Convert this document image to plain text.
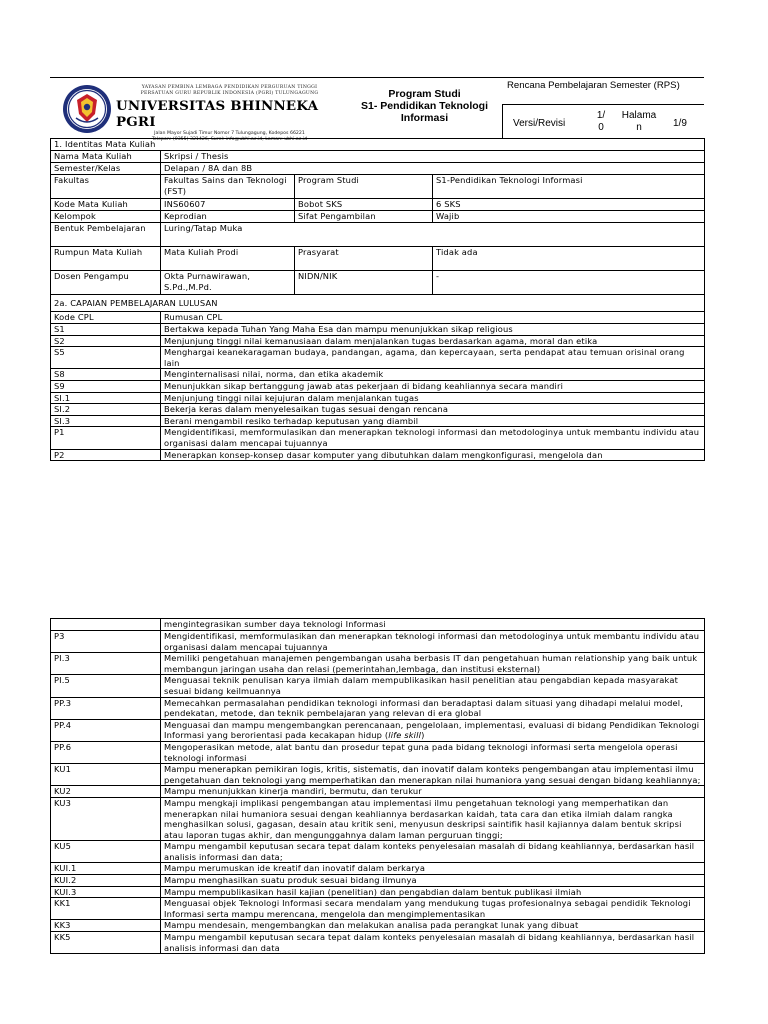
YAYASAN PEMBINA LEMBAGA PENDIDIKAN PERGURUAN TINGGI
PERSATUAN GURU REPUBLIK INDONESIA (PGRI) TULUNGAGUNG
UNIVERSITAS BHINNEKA PGRI
Jalan Mayor Sujadi Timur Nomor 7 Tulungagung, Kodepos 66221
Telepon: (0355) 321426, Surel: info@ubhi.ac.id, Laman: ubhi.ac.id
Program Studi
S1- Pendidikan Teknologi
Informasi
Rencana Pembelajaran Semester (RPS)
Versi/Revisi
1/
0
Halama
n	1/9
1. Identitas Mata Kuliah			
Nama Mata Kuliah	Skripsi / Thesis		
Semester/Kelas	Delapan / 8A dan 8B		
Fakultas	Fakultas Sains dan Teknologi (FST)	Program Studi	S1-Pendidikan Teknologi Informasi
Kode Mata Kuliah	INS60607	Bobot SKS	6 SKS
Kelompok	Keprodian	Sifat Pengambilan	Wajib
Bentuk Pembelajaran	Luring/Tatap Muka		
Rumpun Mata Kuliah	Mata Kuliah Prodi	Prasyarat	Tidak ada
Dosen Pengampu	Okta Purnawirawan, S.Pd.,M.Pd.	NIDN/NIK	-
2a. CAPAIAN PEMBELAJARAN LULUSAN			
Kode CPL	Rumusan CPL		
S1	Bertakwa kepada Tuhan Yang Maha Esa dan mampu menunjukkan sikap religious		
S2	Menjunjung tinggi nilai kemanusiaan dalam menjalankan tugas berdasarkan agama, moral dan etika		
S5	Menghargai keanekaragaman budaya, pandangan, agama, dan kepercayaan, serta pendapat atau temuan orisinal orang lain		
S8	Menginternalisasi nilai, norma, dan etika akademik		
S9	Menunjukkan sikap bertanggung jawab atas pekerjaan di bidang keahliannya secara mandiri		
SI.1	Menjunjung tinggi nilai kejujuran dalam menjalankan tugas		
SI.2	Bekerja keras dalam menyelesaikan tugas sesuai dengan rencana		
SI.3	Berani mengambil resiko terhadap keputusan yang diambil		
P1	Mengidentifikasi, memformulasikan dan menerapkan teknologi informasi dan metodologinya untuk membantu individu atau organisasi dalam mencapai tujuannya		
P2	Menerapkan konsep-konsep dasar komputer yang dibutuhkan dalam mengkonfigurasi, mengelola dan		
	mengintegrasikan sumber daya teknologi Informasi
P3	Mengidentifikasi, memformulasikan dan menerapkan teknologi informasi dan metodologinya untuk membantu individu atau organisasi dalam mencapai tujuannya
PI.3	Memiliki pengetahuan manajemen pengembangan usaha berbasis IT dan pengetahuan human relationship yang baik untuk membangun jaringan usaha dan relasi (pemerintahan,lembaga, dan institusi eksternal)
PI.5	Menguasai teknik penulisan karya ilmiah dalam mempublikasikan hasil penelitian atau pengabdian kepada masyarakat sesuai bidang keilmuannya
PP.3	Memecahkan permasalahan pendidikan teknologi informasi dan beradaptasi dalam situasi yang dihadapi melalui model, pendekatan, metode, dan teknik pembelajaran yang relevan di era global
PP.4	Menguasai dan mampu mengembangkan perencanaan, pengelolaan, implementasi, evaluasi di bidang Pendidikan Teknologi Informasi yang berorientasi pada kecakapan hidup (life skill)
PP.6	Mengoperasikan metode, alat bantu dan prosedur tepat guna pada bidang teknologi informasi serta mengelola operasi teknologi informasi
KU1	Mampu menerapkan pemikiran logis, kritis, sistematis, dan inovatif dalam konteks pengembangan atau implementasi ilmu pengetahuan dan teknologi yang memperhatikan dan menerapkan nilai humaniora yang sesuai dengan bidang keahliannya;
KU2	Mampu menunjukkan kinerja mandiri, bermutu, dan terukur
KU3	Mampu mengkaji implikasi pengembangan atau implementasi ilmu pengetahuan teknologi yang memperhatikan dan menerapkan nilai humaniora sesuai dengan keahliannya berdasarkan kaidah, tata cara dan etika ilmiah dalam rangka menghasilkan solusi, gagasan, desain atau kritik seni, menyusun deskripsi saintifik hasil kajiannya dalam bentuk skripsi atau laporan tugas akhir, dan mengunggahnya dalam laman perguruan tinggi;
KU5	Mampu mengambil keputusan secara tepat dalam konteks penyelesaian masalah di bidang keahliannya, berdasarkan hasil analisis informasi dan data;
KUI.1	Mampu merumuskan ide kreatif dan inovatif dalam berkarya
KUI.2	Mampu menghasilkan suatu produk sesuai bidang ilmunya
KUI.3	Mampu mempublikasikan hasil kajian (penelitian) dan pengabdian dalam bentuk publikasi ilmiah
KK1	Menguasai objek Teknologi Informasi secara mendalam yang mendukung tugas profesionalnya sebagai pendidik Teknologi Informasi serta mampu merencana, mengelola dan mengimplementasikan
KK3	Mampu mendesain, mengembangkan dan melakukan analisa pada perangkat lunak yang dibuat
KK5	Mampu mengambil keputusan secara tepat dalam konteks penyelesaian masalah di bidang keahliannya, berdasarkan hasil analisis informasi dan data
